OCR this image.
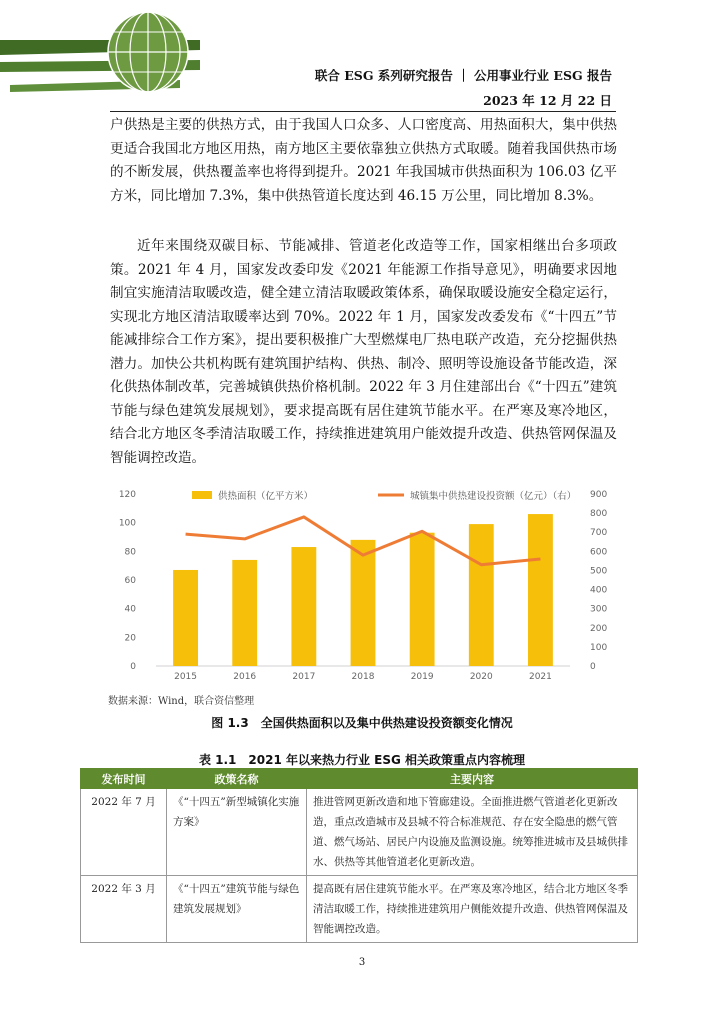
联合 ESG 系列研究报告 ｜ 公用事业行业 ESG 报告
2023 年 12 月 22 日

户供热是主要的供热方式，由于我国人口众多、人口密度高、用热面积大，集中供热更适合我国北方地区用热，南方地区主要依靠独立供热方式取暖。随着我国供热市场的不断发展，供热覆盖率也将得到提升。2021 年我国城市供热面积为 106.03 亿平方米，同比增加 7.3%，集中供热管道长度达到 46.15 万公里，同比增加 8.3%。

近年来围绕双碳目标、节能减排、管道老化改造等工作，国家相继出台多项政策。2021 年 4 月，国家发改委印发《2021 年能源工作指导意见》，明确要求因地制宜实施清洁取暖改造，健全建立清洁取暖政策体系，确保取暖设施安全稳定运行，实现北方地区清洁取暖率达到 70%。2022 年 1 月，国家发改委发布《“十四五”节能减排综合工作方案》，提出要积极推广大型燃煤电厂热电联产改造，充分挖掘供热潜力。加快公共机构既有建筑围护结构、供热、制冷、照明等设施设备节能改造，深化供热体制改革，完善城镇供热价格机制。2022 年 3 月住建部出台《“十四五”建筑节能与绿色建筑发展规划》，要求提高既有居住建筑节能水平。在严寒及寒冷地区，结合北方地区冬季清洁取暖工作，持续推进建筑用户能效提升改造、供热管网保温及智能调控改造。

0
20
40
60
80
100
120
0
100
200
300
400
500
600
700
800
900
2015	2016	2017	2018	2019	2020	2021
供热面积（亿平方米）	城镇集中供热建设投资额（亿元）（右）
数据来源：Wind，联合资信整理
图 1.3　全国供热面积以及集中供热建设投资额变化情况
表 1.1　2021 年以来热力行业 ESG 相关政策重点内容梳理
发布时间	政策名称	主要内容
2022 年 7 月	《“十四五”新型城镇化实施方案》	推进管网更新改造和地下管廊建设。全面推进燃气管道老化更新改造，重点改造城市及县城不符合标准规范、存在安全隐患的燃气管道、燃气场站、居民户内设施及监测设施。统筹推进城市及县城供排水、供热等其他管道老化更新改造。
2022 年 3 月	《“十四五”建筑节能与绿色建筑发展规划》	提高既有居住建筑节能水平。在严寒及寒冷地区，结合北方地区冬季清洁取暖工作，持续推进建筑用户侧能效提升改造、供热管网保温及智能调控改造。
3
